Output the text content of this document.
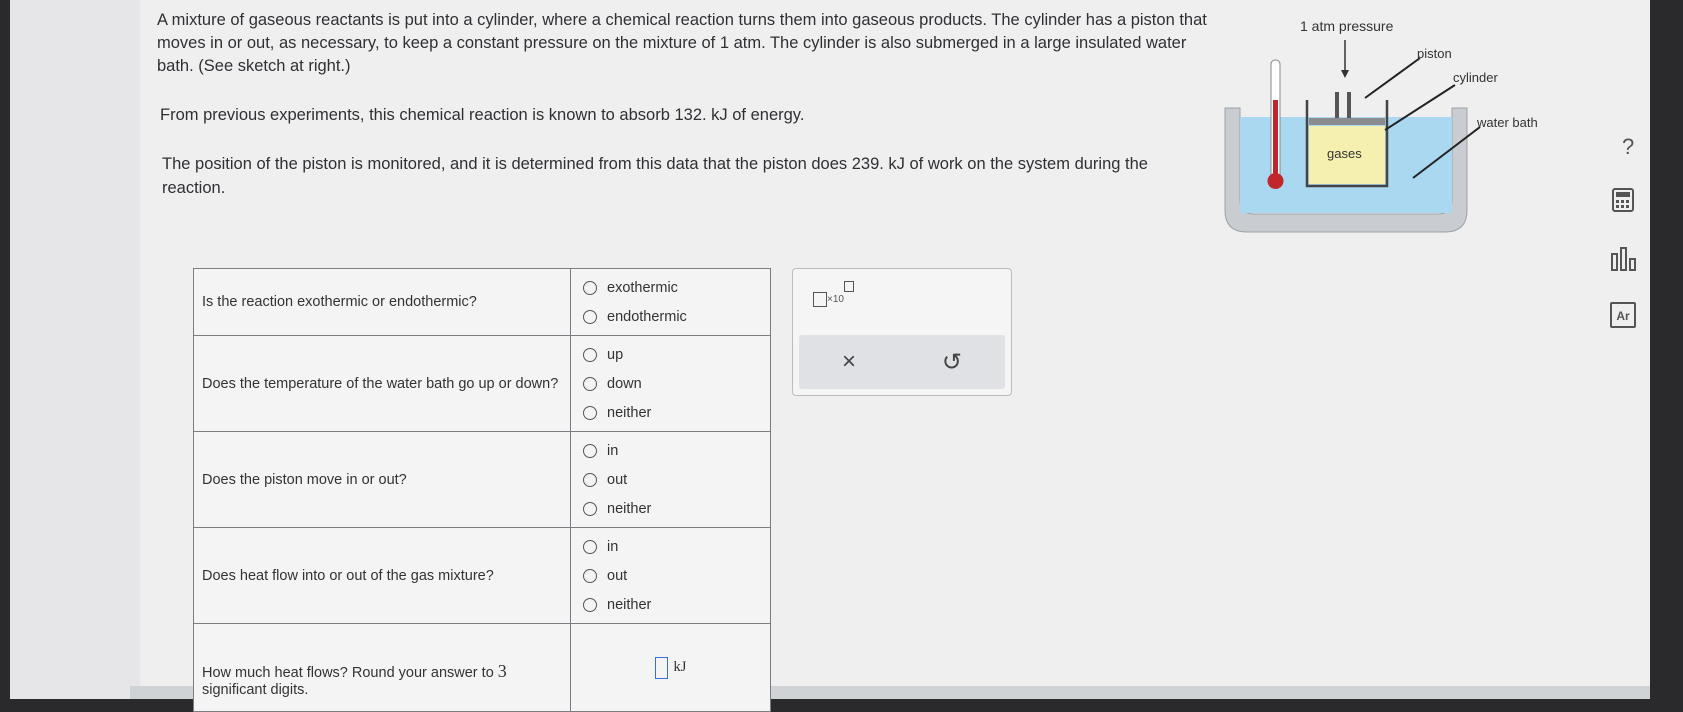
A mixture of gaseous reactants is put into a cylinder, where a chemical reaction turns them into gaseous products. The cylinder has a piston that moves in or out, as necessary, to keep a constant pressure on the mixture of 1 atm. The cylinder is also submerged in a large insulated water bath. (See sketch at right.)

From previous experiments, this chemical reaction is known to absorb 132. kJ of energy.
The position of the piston is monitored, and it is determined from this data that the piston does 239. kJ of work on the system during the reaction.
1 atm pressure
gases
piston
cylinder
water bath
Is the reaction exothermic or endothermic?	exothermic
endothermic

Does the temperature of the water bath go up or down?	up
down
neither

Does the piston move in or out?	in
out
neither

Does heat flow into or out of the gas mixture?	in
out
neither

How much heat flows? Round your answer to 3
significant digits.	kJ
×10
×	↺
?
Ar
